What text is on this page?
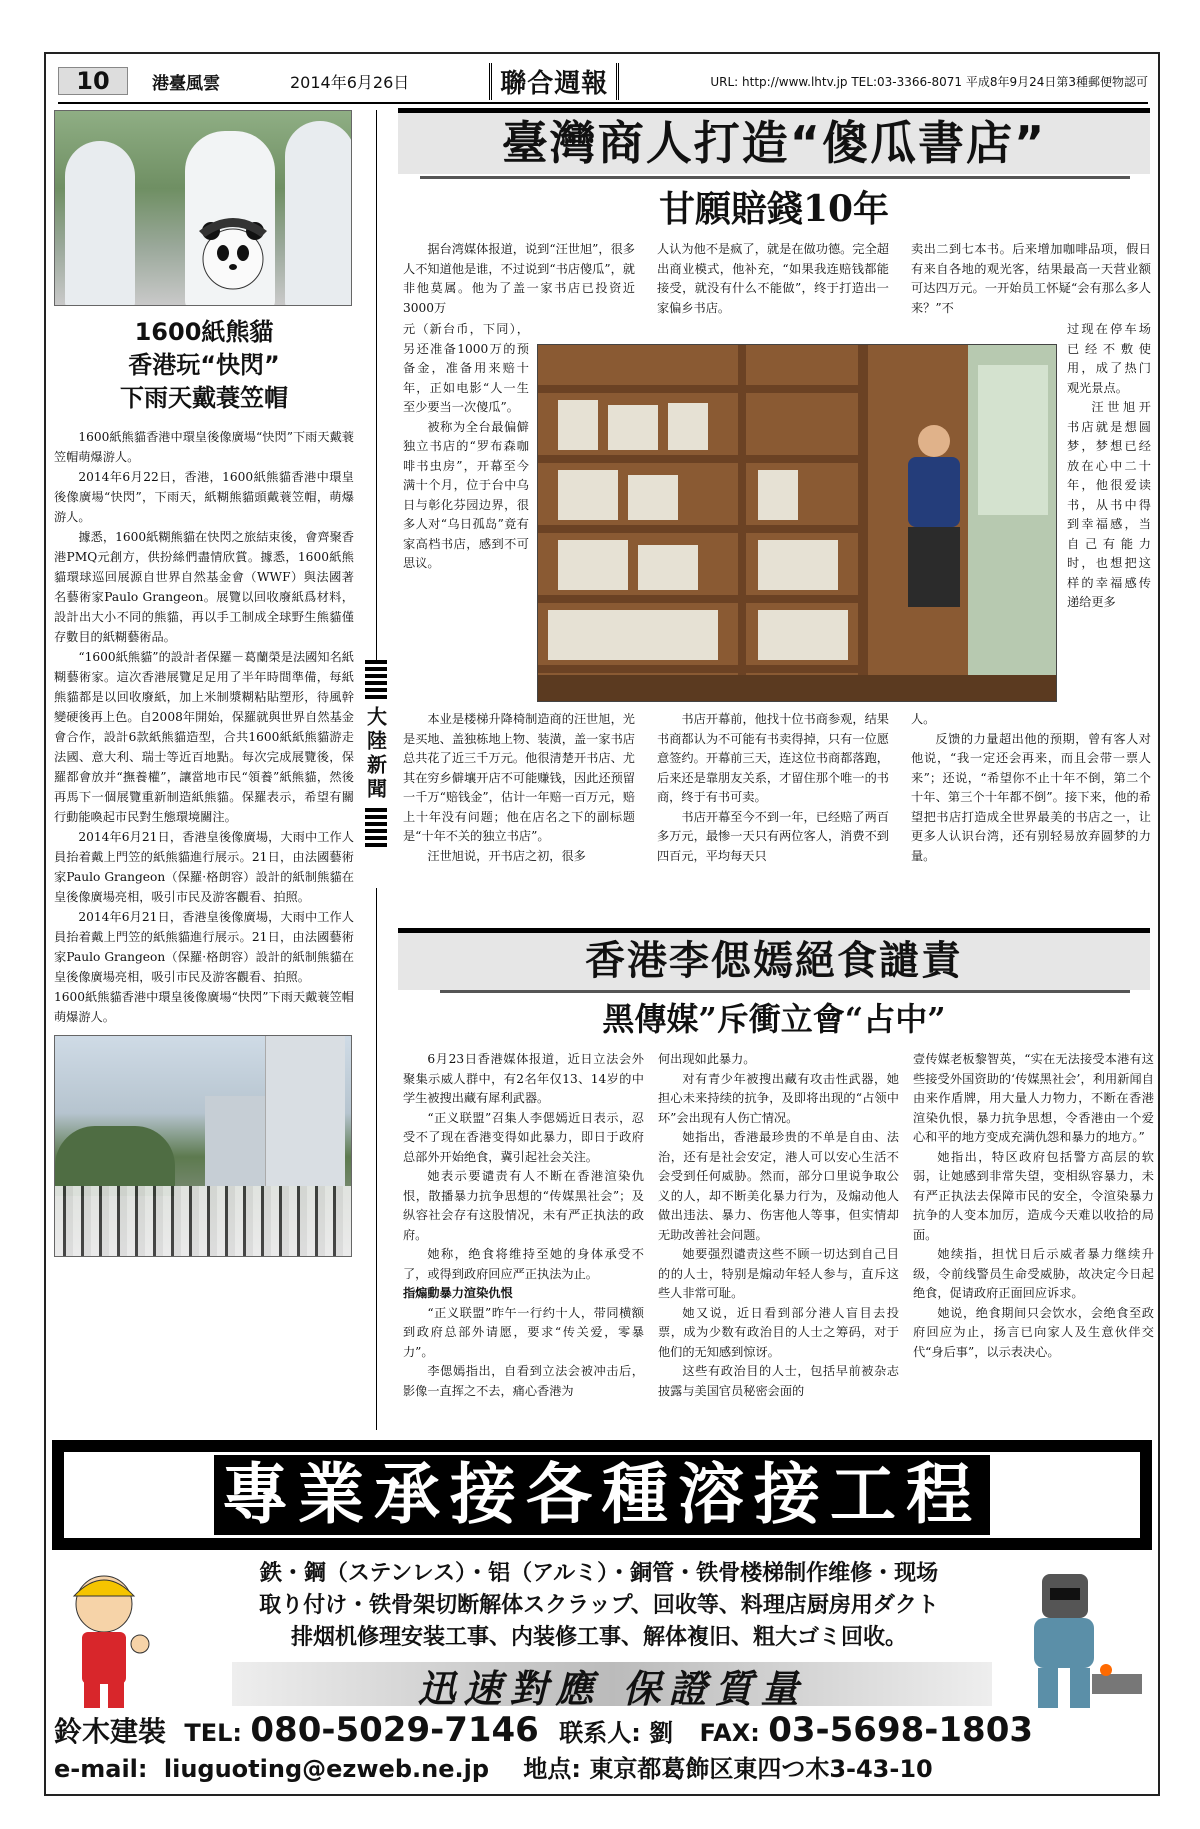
10	港臺風雲	2014年6月26日	聯合週報	URL: http://www.lhtv.jp TEL:03-3366-8071 平成8年9月24日第3種郵便物認可
1600紙熊貓
香港玩“快閃”
下雨天戴蓑笠帽

1600紙熊貓香港中環皇後像廣場“快閃”下雨天戴蓑笠帽萌爆游人。

2014年6月22日，香港，1600紙熊貓香港中環皇後像廣場“快閃”，下雨天，紙糊熊貓頭戴蓑笠帽，萌爆游人。

據悉，1600紙糊熊貓在快閃之旅結束後，會齊聚香港PMQ元創方，供扮絲們盡情欣賞。據悉，1600紙熊貓環球巡回展源自世界自然基金會（WWF）與法國著名藝術家Paulo Grangeon。展覽以回收廢紙爲材料，設計出大小不同的熊貓，再以手工制成全球野生熊貓僅存數目的紙糊藝術品。

“1600紙熊貓”的設計者保羅－葛蘭榮是法國知名紙糊藝術家。這次香港展覽足足用了半年時間準備，每紙熊貓都是以回收廢紙，加上米制漿糊粘貼塑形，待風幹變硬後再上色。自2008年開始，保羅就與世界自然基金會合作，設計6款紙熊貓造型，合共1600紙紙熊貓游走法國、意大利、瑞士等近百地點。每次完成展覽後，保羅都會放并“撫養權”，讓當地市民“領養”紙熊貓，然後再馬下一個展覽重新制造紙熊貓。保羅表示，希望有關行動能喚起市民對生態環境關注。

2014年6月21日，香港皇後像廣場，大雨中工作人員抬着戴上門笠的紙熊貓進行展示。21日，由法國藝術家Paulo Grangeon（保羅·格朗容）設計的紙制熊貓在皇後像廣場亮相，吸引市民及游客觀看、拍照。

2014年6月21日，香港皇後像廣場，大雨中工作人員抬着戴上門笠的紙熊貓進行展示。21日，由法國藝術家Paulo Grangeon（保羅·格朗容）設計的紙制熊貓在皇後像廣場亮相，吸引市民及游客觀看、拍照。

1600紙熊貓香港中環皇後像廣場“快閃”下雨天戴蓑笠帽萌爆游人。

大陸新聞
臺灣商人打造“傻瓜書店”
甘願賠錢10年

据台湾媒体报道，说到“汪世旭”，很多人不知道他是谁，不过说到“书店傻瓜”，就非他莫属。他为了盖一家书店已投资近3000万

元（新台币，下同），另还准备1000万的预备金，准备用来赔十年，正如电影“人一生至少要当一次傻瓜”。

被称为全台最偏僻独立书店的“罗布森咖啡书虫房”，开幕至今满十个月，位于台中乌日与彰化芬园边界，很多人对“乌日孤岛”竟有家高档书店，感到不可思议。

本业是楼梯升降椅制造商的汪世旭，光是买地、盖独栋地上物、装潢，盖一家书店总共花了近三千万元。他很清楚开书店、尤其在穷乡僻壤开店不可能赚钱，因此还预留一千万“赔钱金”，估计一年赔一百万元，赔上十年没有问题；他在店名之下的副标题是“十年不关的独立书店”。

汪世旭说，开书店之初，很多

人认为他不是疯了，就是在做功德。完全超出商业模式，他补充，“如果我连赔钱都能接受，就没有什么不能做”，终于打造出一家偏乡书店。

书店开幕前，他找十位书商参观，结果书商都认为不可能有书卖得掉，只有一位愿意签约。开幕前三天，连这位书商都落跑，后来还是靠朋友关系，才留住那个唯一的书商，终于有书可卖。

书店开幕至今不到一年，已经赔了两百多万元，最惨一天只有两位客人，消费不到四百元，平均每天只

卖出二到七本书。后来增加咖啡品项，假日有来自各地的观光客，结果最高一天营业额可达四万元。一开始员工怀疑“会有那么多人来？”不

过现在停车场已经不敷使用，成了热门观光景点。

汪世旭开书店就是想圆梦，梦想已经放在心中二十年，他很爱读书，从书中得到幸福感，当自己有能力时，也想把这样的幸福感传递给更多

人。

反馈的力量超出他的预期，曾有客人对他说，“我一定还会再来，而且会带一票人来”；还说，“希望你不止十年不倒，第二个十年、第三个十年都不倒”。接下来，他的希望把书店打造成全世界最美的书店之一，让更多人认识台湾，还有别轻易放弃圆梦的力量。

香港李偲嫣絕食譴責
黑傳媒”斥衝立會“占中”

6月23日香港媒体报道，近日立法会外聚集示威人群中，有2名年仅13、14岁的中学生被搜出藏有犀利武器。

“正义联盟”召集人李偲嫣近日表示，忍受不了现在香港变得如此暴力，即日于政府总部外开始绝食，冀引起社会关注。

她表示要谴责有人不断在香港渲染仇恨，散播暴力抗争思想的“传媒黑社会”；及纵容社会存有这股情况，未有严正执法的政府。

她称，绝食将维持至她的身体承受不了，或得到政府回应严正执法为止。

指煽動暴力渲染仇恨

“正义联盟”昨午一行约十人，带同横额到政府总部外请愿，要求“传关爱，零暴力”。

李偲嫣指出，自看到立法会被冲击后，影像一直挥之不去，痛心香港为

何出现如此暴力。

对有青少年被搜出藏有攻击性武器，她担心未来持续的抗争，及即将出现的“占领中环”会出现有人伤亡情况。

她指出，香港最珍贵的不单是自由、法治，还有是社会安定，港人可以安心生活不会受到任何威胁。然而，部分口里说争取公义的人，却不断美化暴力行为，及煽动他人做出违法、暴力、伤害他人等事，但实情却无助改善社会问题。

她要强烈谴责这些不顾一切达到自己目的的人士，特别是煽动年轻人参与，直斥这些人非常可耻。

她又说，近日看到部分港人盲目去投票，成为少数有政治目的人士之筹码，对于他们的无知感到惊讶。

这些有政治目的人士，包括早前被杂志披露与美国官员秘密会面的

壹传媒老板黎智英，“实在无法接受本港有这些接受外国资助的‘传媒黑社会’，利用新闻自由来作盾牌，用大量人力物力，不断在香港渲染仇恨，暴力抗争思想，令香港由一个爱心和平的地方变成充满仇怨和暴力的地方。”

她指出，特区政府包括警方高层的软弱，让她感到非常失望，变相纵容暴力，未有严正执法去保障市民的安全，令渲染暴力抗争的人变本加厉，造成今天难以收拾的局面。

她续指，担忧日后示威者暴力继续升级，令前线警员生命受威胁，故决定今日起绝食，促请政府正面回应诉求。

她说，绝食期间只会饮水，会绝食至政府回应为止，扬言已向家人及生意伙伴交代“身后事”，以示表决心。

專業承接各種溶接工程
鉄・鋼（ステンレス）・铝（アルミ）・銅管・铁骨楼梯制作维修・现场
取り付け・铁骨架切断解体スクラップ、回收等、料理店厨房用ダクト
排烟机修理安装工事、内装修工事、解体複旧、粗大ゴミ回收。
迅速對應 保證質量
鈴木建裝 TEL: 080-5029-7146 联系人: 劉 FAX: 03-5698-1803
e-mail: liuguoting@ezweb.ne.jp 地点: 東京都葛飾区東四つ木3-43-10
